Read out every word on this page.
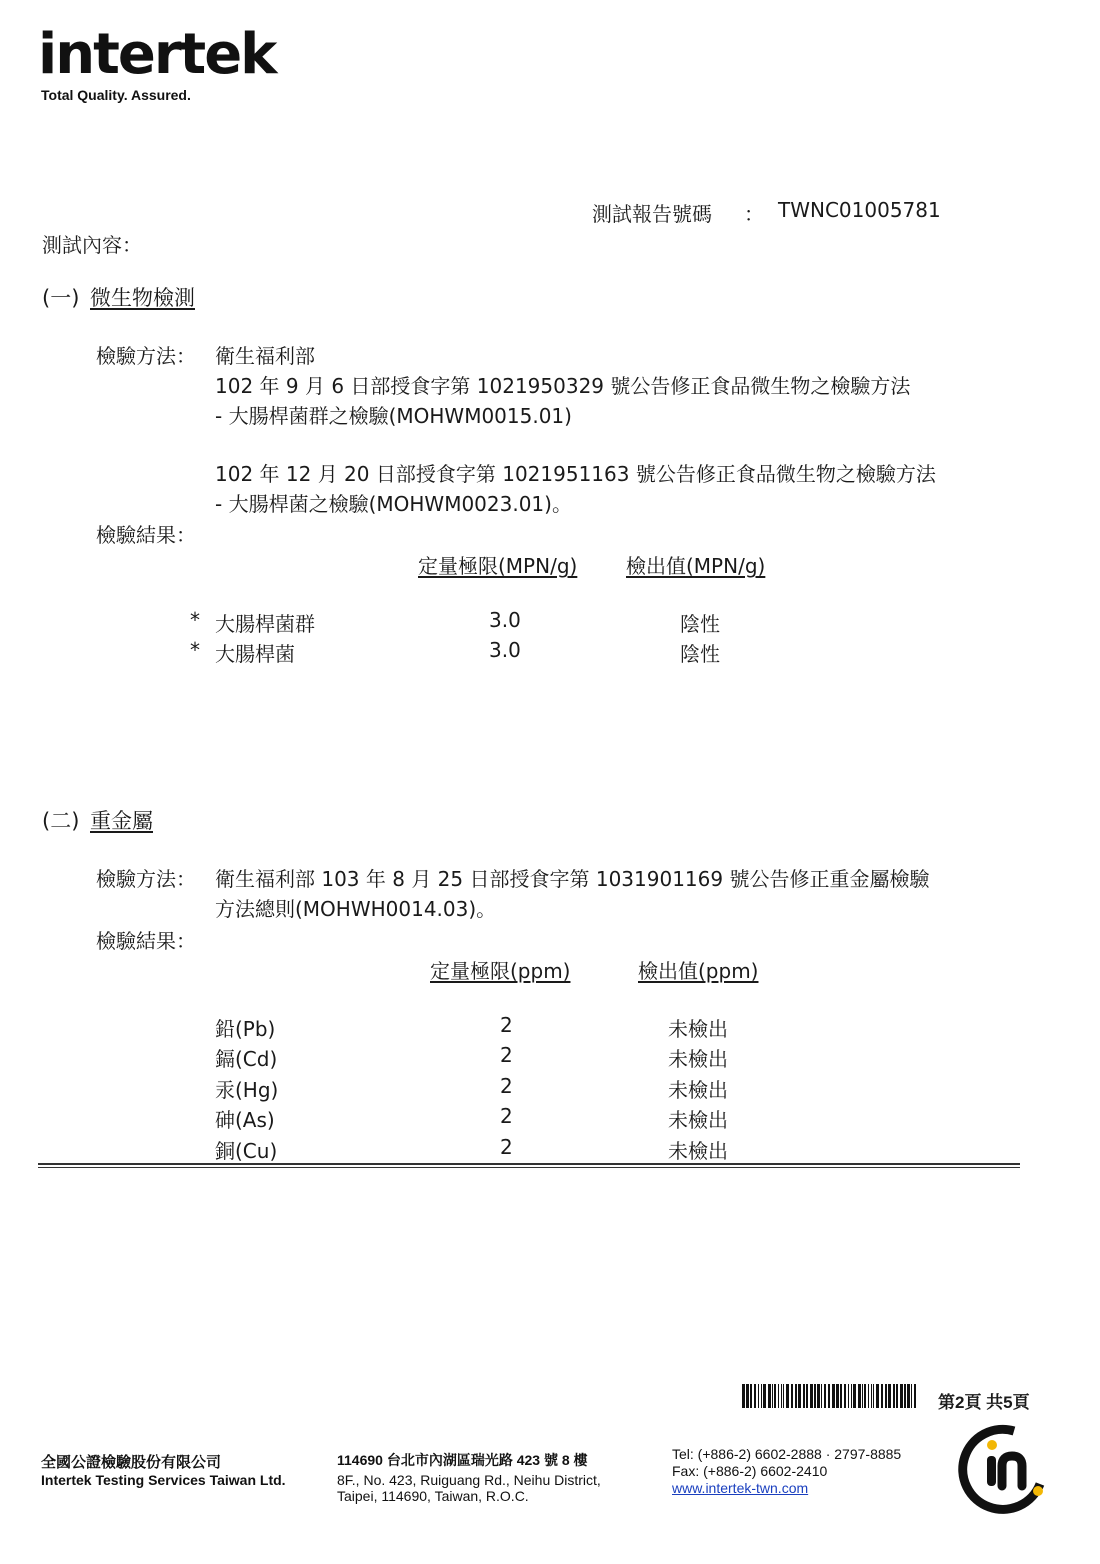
intertek
Total Quality. Assured.
測試報告號碼 ： TWNC01005781
測試內容：
(一) 微生物檢測
檢驗方法： 衛生福利部
102 年 9 月 6 日部授食字第 1021950329 號公告修正食品微生物之檢驗方法
- 大腸桿菌群之檢驗(MOHWM0015.01)
102 年 12 月 20 日部授食字第 1021951163 號公告修正食品微生物之檢驗方法
- 大腸桿菌之檢驗(MOHWM0023.01)。
檢驗結果：
定量極限(MPN/g) 檢出值(MPN/g)
* 大腸桿菌群	3.0	陰性
* 大腸桿菌	3.0	陰性
(二) 重金屬
檢驗方法： 衛生福利部 103 年 8 月 25 日部授食字第 1031901169 號公告修正重金屬檢驗
方法總則(MOHWH0014.03)。
檢驗結果：
定量極限(ppm)	檢出值(ppm)
鉛(Pb)	2	未檢出
鎘(Cd)	2	未檢出
汞(Hg)	2	未檢出
砷(As)	2	未檢出
銅(Cu)	2	未檢出
第2頁 共5頁
全國公證檢驗股份有限公司
Intertek Testing Services Taiwan Ltd.
114690 台北市內湖區瑞光路 423 號 8 樓
8F., No. 423, Ruiguang Rd., Neihu District,
Taipei, 114690, Taiwan, R.O.C.
Tel: (+886-2) 6602-2888 · 2797-8885
Fax: (+886-2) 6602-2410
www.intertek-twn.com
